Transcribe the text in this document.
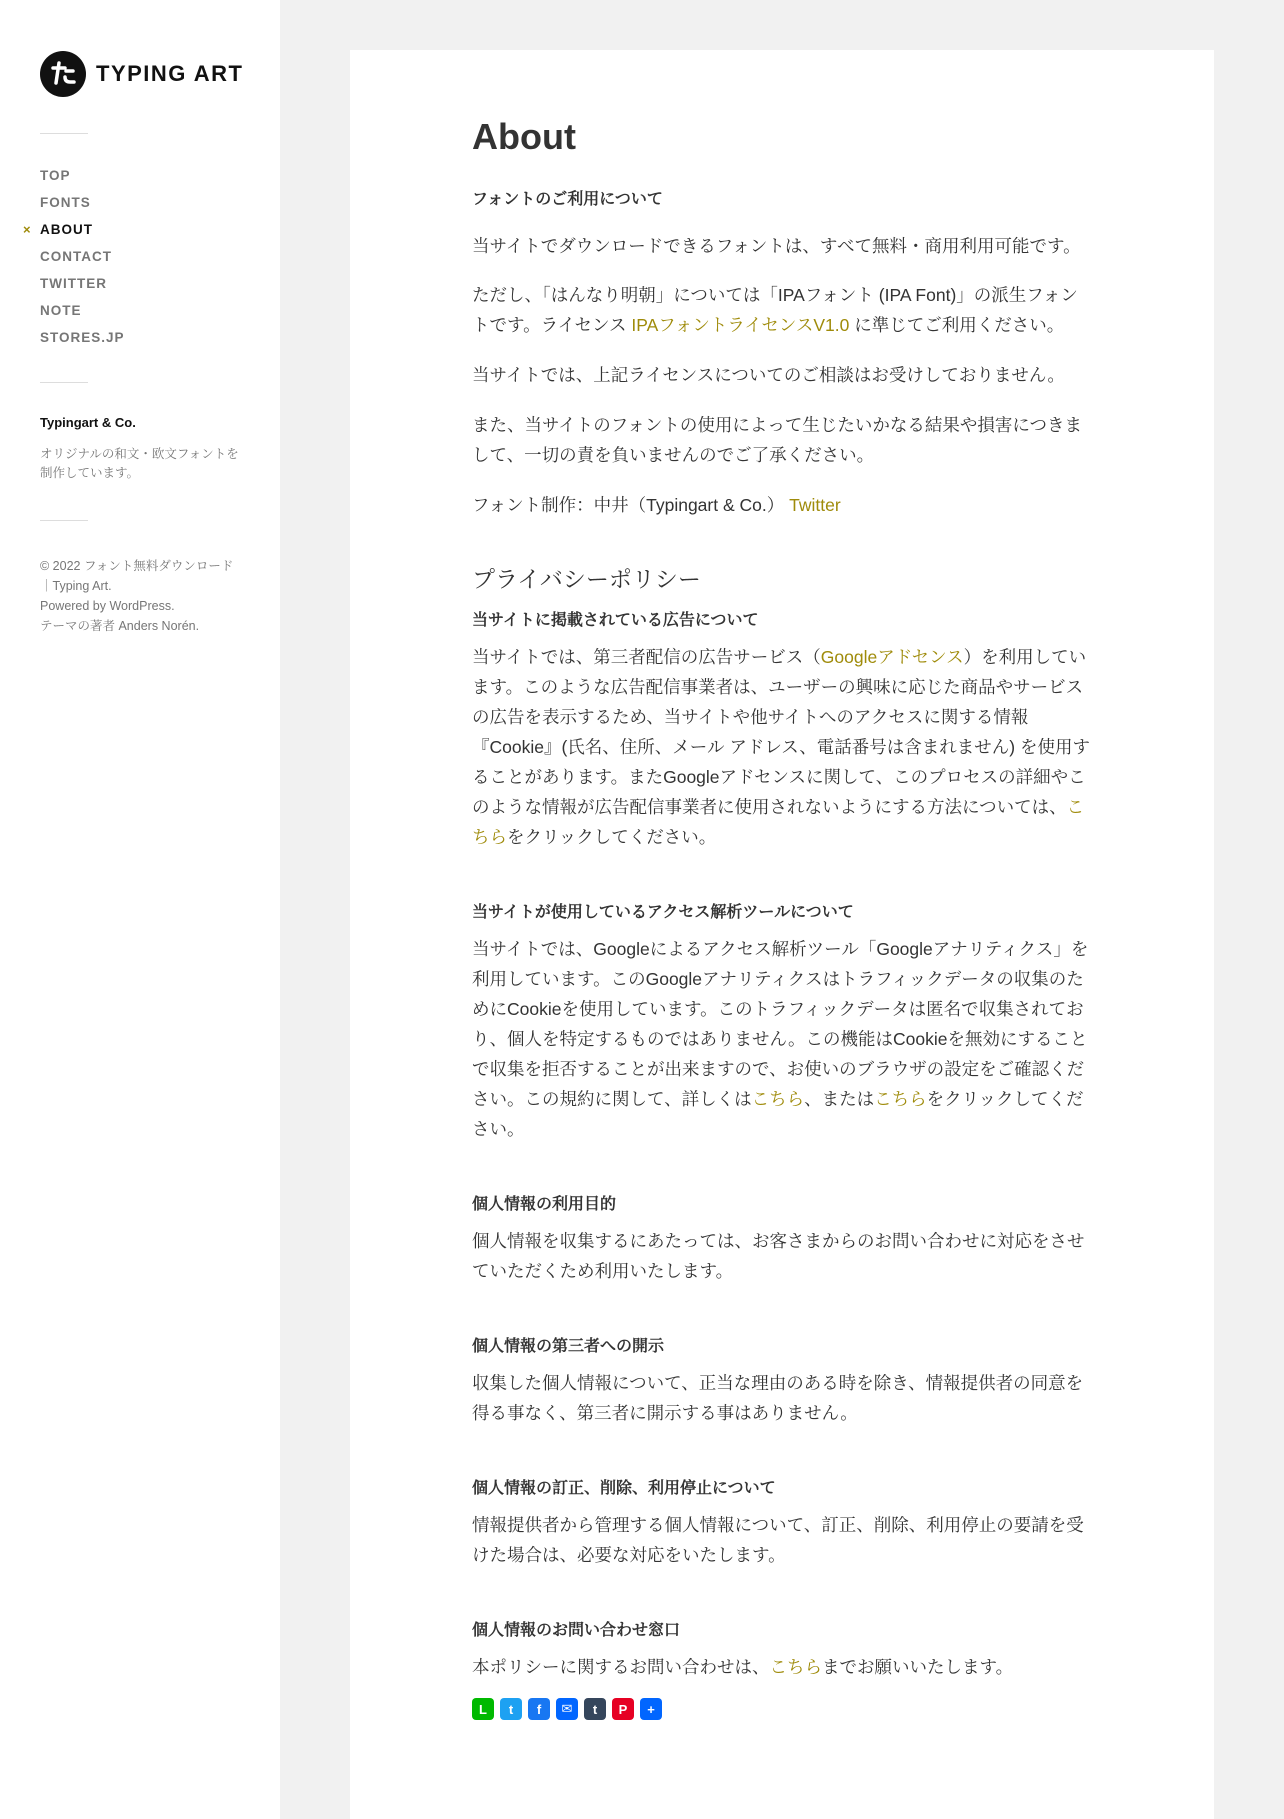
TYPING ART
TOP
FONTS
× ABOUT
CONTACT
TWITTER
NOTE
STORES.JP
Typingart & Co.
オリジナルの和文・欧文フォントを制作しています。
© 2022 フォント無料ダウンロード｜Typing Art.
Powered by WordPress.
テーマの著者 Anders Norén.
About
フォントのご利用について

当サイトでダウンロードできるフォントは、すべて無料・商用利用可能です。

ただし、「はんなり明朝」については「IPAフォント (IPA Font)」の派生フォントです。ライセンス IPAフォントライセンスV1.0 に準じてご利用ください。

当サイトでは、上記ライセンスについてのご相談はお受けしておりません。

また、当サイトのフォントの使用によって生じたいかなる結果や損害につきまして、一切の責を負いませんのでご了承ください。

フォント制作：中井（Typingart & Co.） Twitter

プライバシーポリシー
当サイトに掲載されている広告について

当サイトでは、第三者配信の広告サービス（Googleアドセンス）を利用しています。このような広告配信事業者は、ユーザーの興味に応じた商品やサービスの広告を表示するため、当サイトや他サイトへのアクセスに関する情報『Cookie』(氏名、住所、メール アドレス、電話番号は含まれません) を使用することがあります。またGoogleアドセンスに関して、このプロセスの詳細やこのような情報が広告配信事業者に使用されないようにする方法については、こちらをクリックしてください。

当サイトが使用しているアクセス解析ツールについて

当サイトでは、Googleによるアクセス解析ツール「Googleアナリティクス」を利用しています。このGoogleアナリティクスはトラフィックデータの収集のためにCookieを使用しています。このトラフィックデータは匿名で収集されており、個人を特定するものではありません。この機能はCookieを無効にすることで収集を拒否することが出来ますので、お使いのブラウザの設定をご確認ください。この規約に関して、詳しくはこちら、またはこちらをクリックしてください。

個人情報の利用目的

個人情報を収集するにあたっては、お客さまからのお問い合わせに対応をさせていただくため利用いたします。

個人情報の第三者への開示

収集した個人情報について、正当な理由のある時を除き、情報提供者の同意を得る事なく、第三者に開示する事はありません。

個人情報の訂正、削除、利用停止について

情報提供者から管理する個人情報について、訂正、削除、利用停止の要請を受けた場合は、必要な対応をいたします。

個人情報のお問い合わせ窓口

本ポリシーに関するお問い合わせは、こちらまでお願いいたします。

L	t	f	✉	t	P	+
